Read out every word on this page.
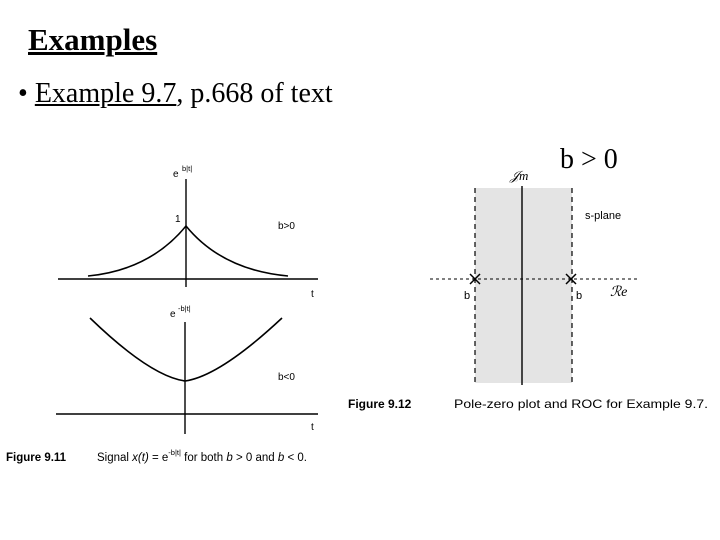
Examples
• Example 9.7, p.668 of text
b > 0
e
b|t|
1
b>0
t
e
-b|t|
b<0
t
Figure 9.11	Signal $x(t) = e^{-b|t|}$ for both b > 0 and b < 0.
𝒥m
ℛe
s-plane
b	b
Figure 9.12	Pole-zero plot and ROC for Example 9.7.
